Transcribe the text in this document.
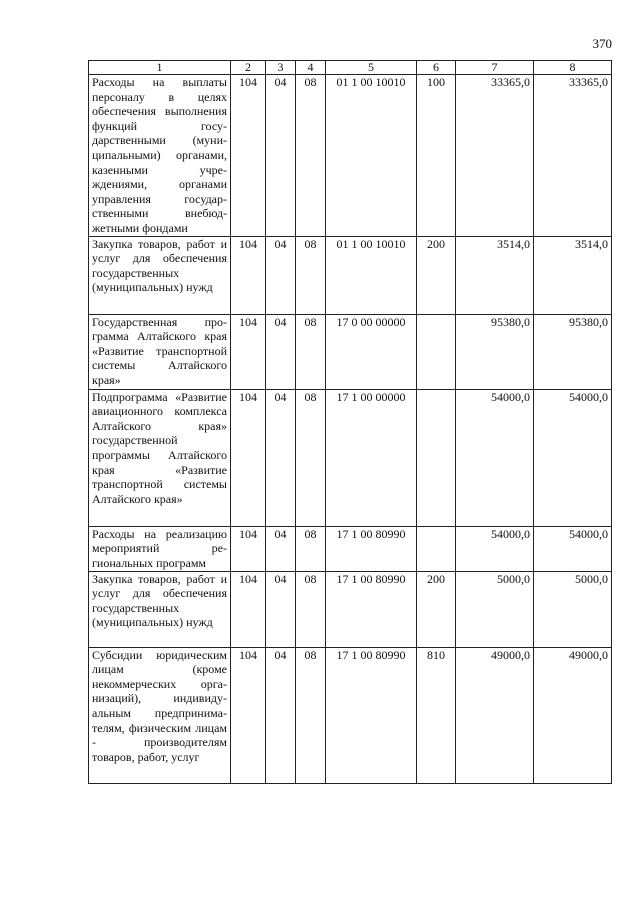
370
1	2	3	4	5	6	7	8
Расходы на выплаты персоналу в целях обеспечения выполнения функций государственными (муниципальными) органами, казенными учреждениями, органами управления государственными внебюджетными фондами	104	04	08	01 1 00 10010	100	33365,0	33365,0
Закупка товаров, работ и услуг для обеспечения государственных (муниципальных) нужд	104	04	08	01 1 00 10010	200	3514,0	3514,0
Государственная программа Алтайского края «Развитие транспортной системы Алтайского края»	104	04	08	17 0 00 00000		95380,0	95380,0
Подпрограмма «Развитие авиационного комплекса Алтайского края» государственной программы Алтайского края «Развитие транспортной системы Алтайского края»	104	04	08	17 1 00 00000		54000,0	54000,0
Расходы на реализацию мероприятий региональных программ	104	04	08	17 1 00 80990		54000,0	54000,0
Закупка товаров, работ и услуг для обеспечения государственных (муниципальных) нужд	104	04	08	17 1 00 80990	200	5000,0	5000,0
Субсидии юридическим лицам (кроме некоммерческих организаций), индивидуальным предпринимателям, физическим лицам - производителям товаров, работ, услуг	104	04	08	17 1 00 80990	810	49000,0	49000,0
